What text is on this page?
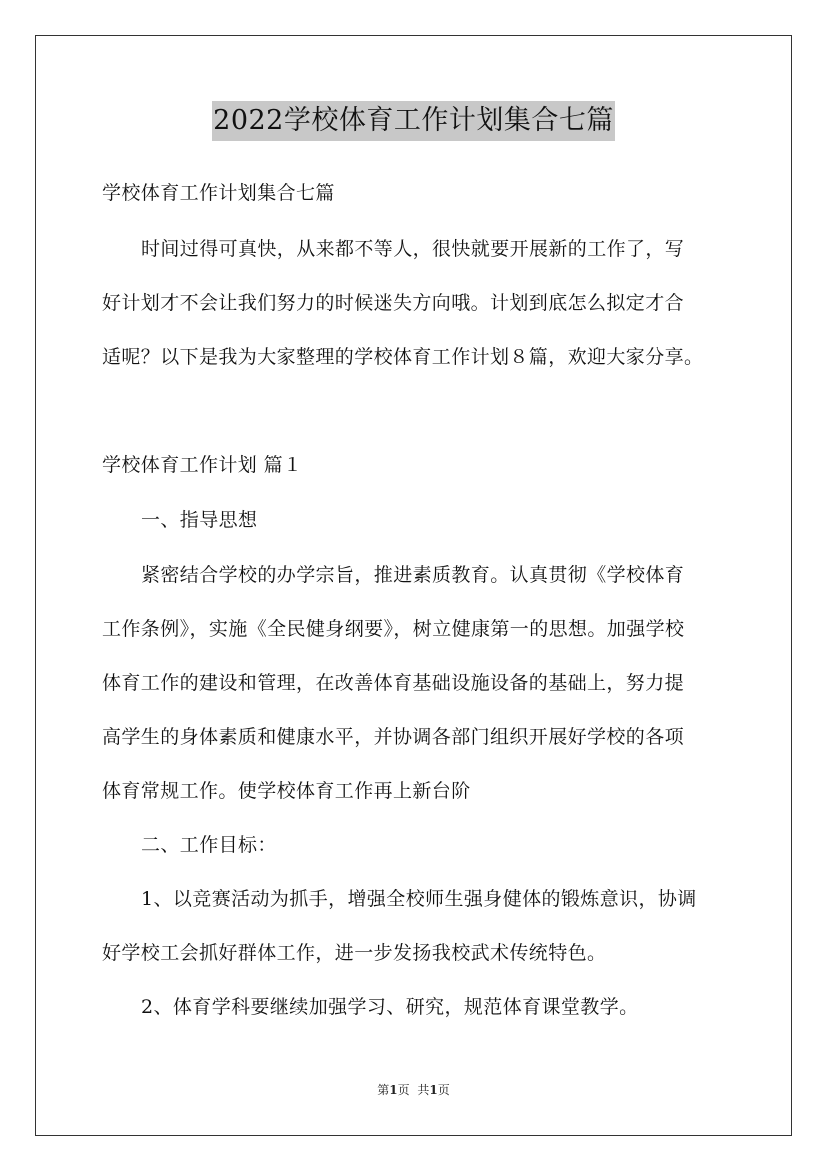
2022学校体育工作计划集合七篇
学校体育工作计划集合七篇
时间过得可真快，从来都不等人，很快就要开展新的工作了，写
好计划才不会让我们努力的时候迷失方向哦。计划到底怎么拟定才合
适呢？以下是我为大家整理的学校体育工作计划８篇，欢迎大家分享。
学校体育工作计划 篇１
一、指导思想
紧密结合学校的办学宗旨，推进素质教育。认真贯彻《学校体育
工作条例》，实施《全民健身纲要》，树立健康第一的思想。加强学校
体育工作的建设和管理，在改善体育基础设施设备的基础上，努力提
高学生的身体素质和健康水平，并协调各部门组织开展好学校的各项
体育常规工作。使学校体育工作再上新台阶
二、工作目标：
1、以竞赛活动为抓手，增强全校师生强身健体的锻炼意识，协调
好学校工会抓好群体工作，进一步发扬我校武术传统特色。
2、体育学科要继续加强学习、研究，规范体育课堂教学。
第1页 共1页
